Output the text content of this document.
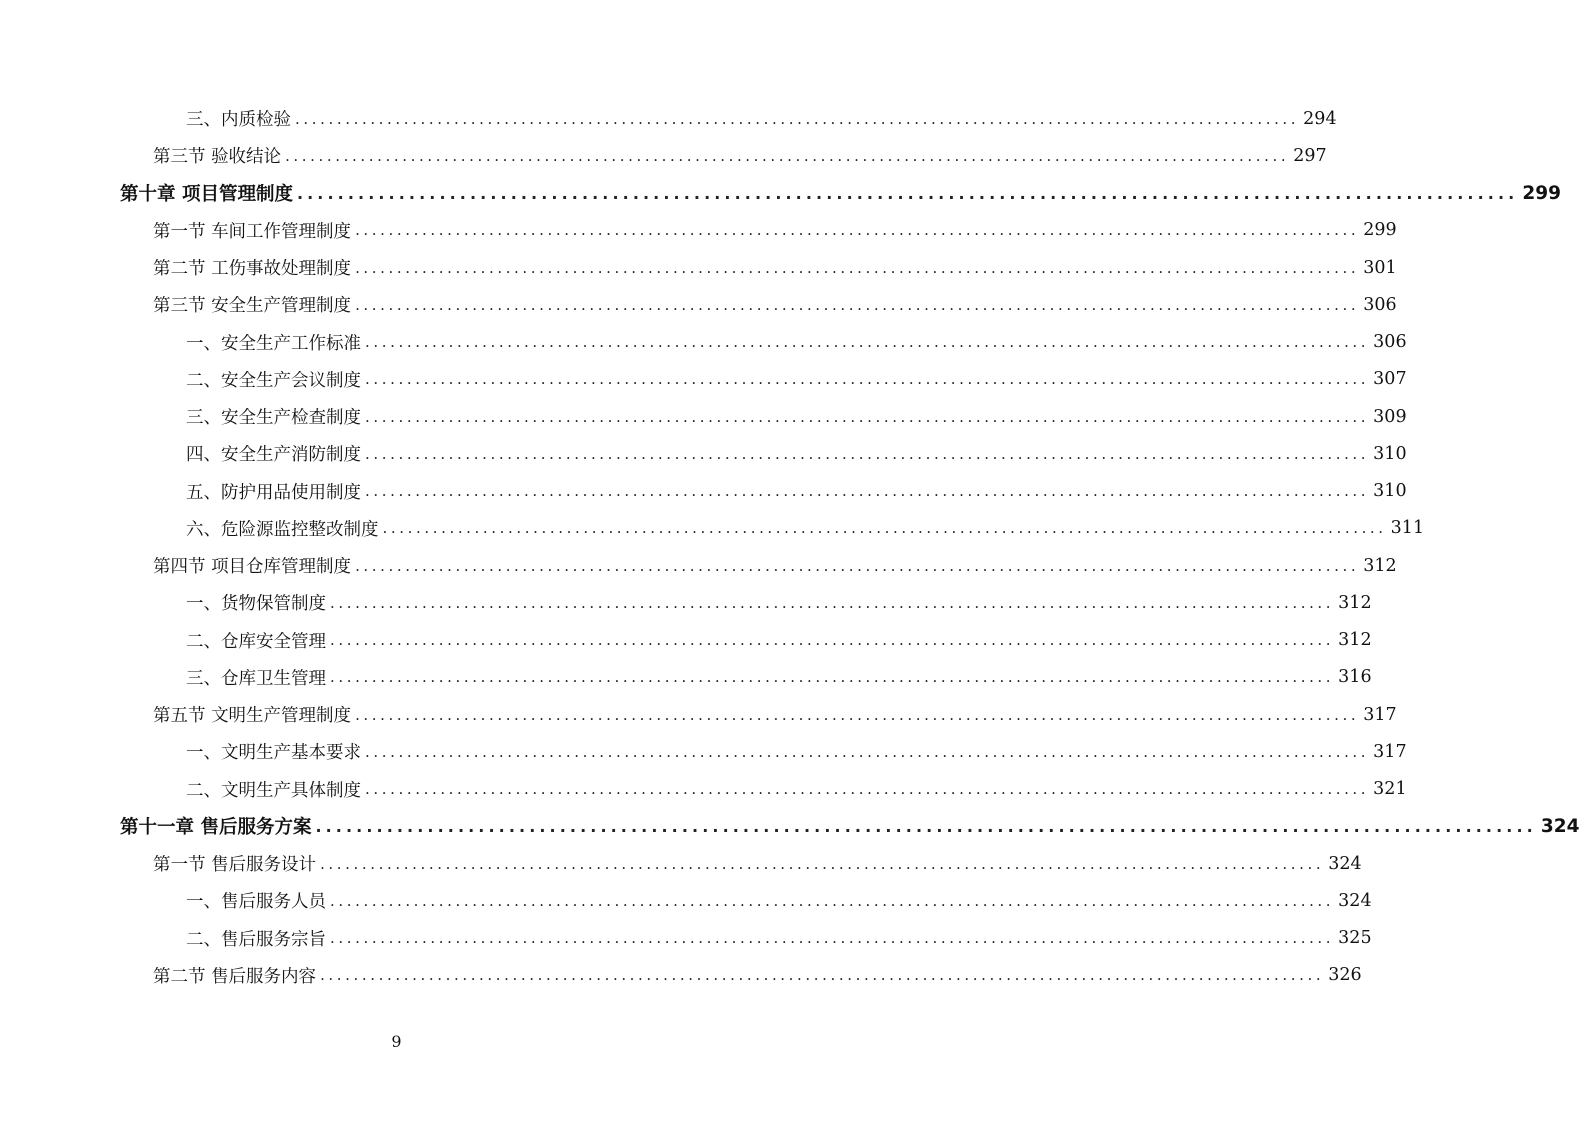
三、内质检验 ........................................................................................................................ 294
第三节 验收结论 ........................................................................................................................ 297
第十章 项目管理制度 ........................................................................................................................ 299
第一节 车间工作管理制度 ........................................................................................................................ 299
第二节 工伤事故处理制度 ........................................................................................................................ 301
第三节 安全生产管理制度 ........................................................................................................................ 306
一、安全生产工作标准 ........................................................................................................................ 306
二、安全生产会议制度 ........................................................................................................................ 307
三、安全生产检查制度 ........................................................................................................................ 309
四、安全生产消防制度 ........................................................................................................................ 310
五、防护用品使用制度 ........................................................................................................................ 310
六、危险源监控整改制度 ........................................................................................................................ 311
第四节 项目仓库管理制度 ........................................................................................................................ 312
一、货物保管制度 ........................................................................................................................ 312
二、仓库安全管理 ........................................................................................................................ 312
三、仓库卫生管理 ........................................................................................................................ 316
第五节 文明生产管理制度 ........................................................................................................................ 317
一、文明生产基本要求 ........................................................................................................................ 317
二、文明生产具体制度 ........................................................................................................................ 321
第十一章 售后服务方案 ........................................................................................................................ 324
第一节 售后服务设计 ........................................................................................................................ 324
一、售后服务人员 ........................................................................................................................ 324
二、售后服务宗旨 ........................................................................................................................ 325
第二节 售后服务内容 ........................................................................................................................ 326
9
